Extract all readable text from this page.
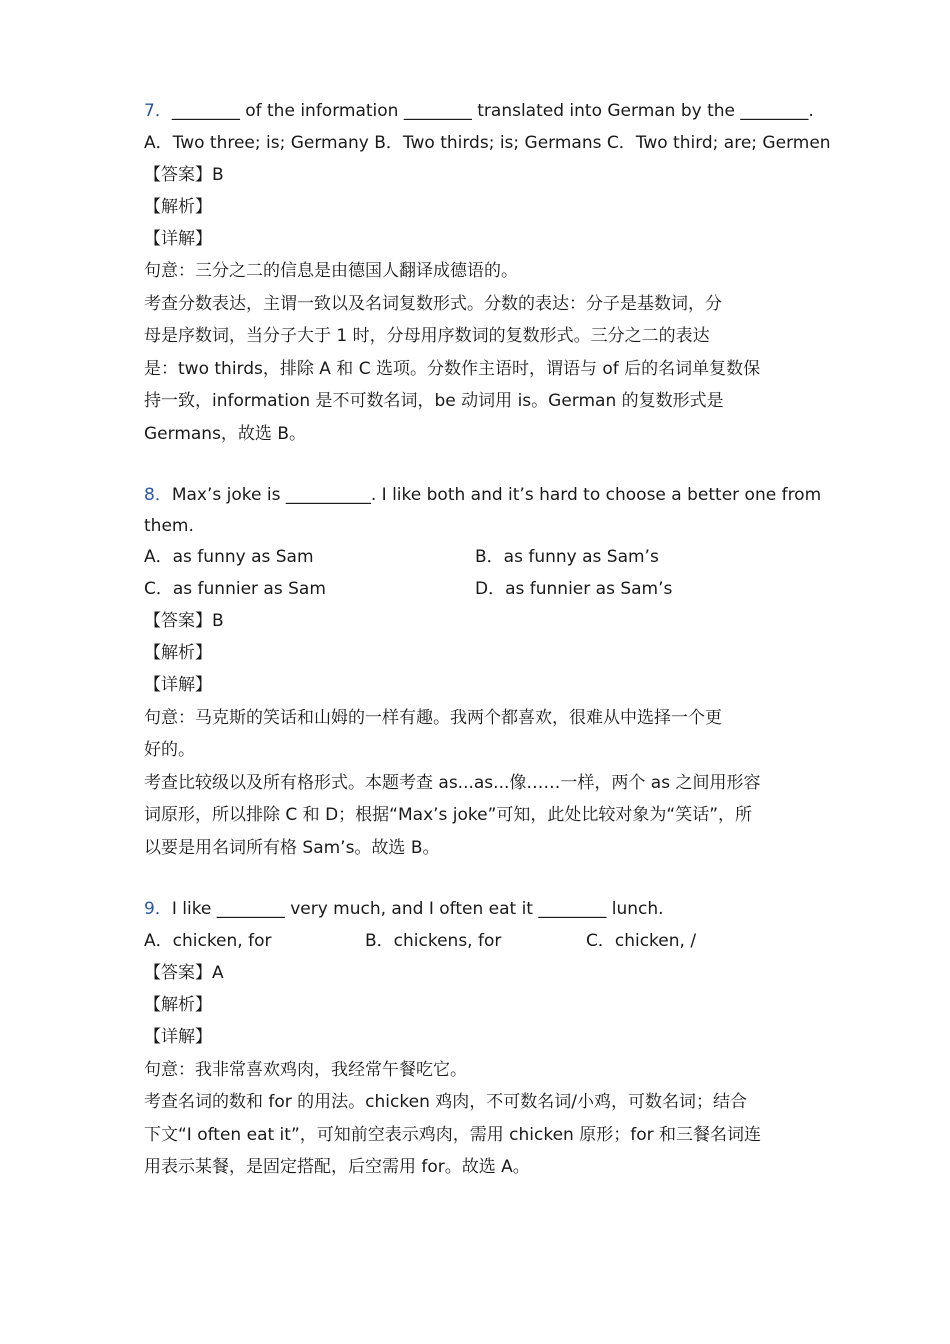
7．________ of the information ________ translated into German by the ________.
A．Two three; is; Germany B．Two thirds; is; Germans C．Two third; are; Germen
【答案】B
【解析】
【详解】
句意：三分之二的信息是由德国人翻译成德语的。
考查分数表达，主谓一致以及名词复数形式。分数的表达：分子是基数词，分
母是序数词，当分子大于 1 时，分母用序数词的复数形式。三分之二的表达
是：two thirds，排除 A 和 C 选项。分数作主语时，谓语与 of 后的名词单复数保
持一致，information 是不可数名词，be 动词用 is。German 的复数形式是
Germans，故选 B。
8．Max’s joke is __________. I like both and it’s hard to choose a better one from
them.
A．as funny as Sam	B．as funny as Sam’s
C．as funnier as Sam	D．as funnier as Sam’s
【答案】B
【解析】
【详解】
句意：马克斯的笑话和山姆的一样有趣。我两个都喜欢，很难从中选择一个更
好的。
考查比较级以及所有格形式。本题考查 as...as...像……一样，两个 as 之间用形容
词原形，所以排除 C 和 D；根据“Max’s joke”可知，此处比较对象为“笑话”，所
以要是用名词所有格 Sam’s。故选 B。
9．I like ________ very much, and I often eat it ________ lunch.
A．chicken, for	B．chickens, for	C．chicken, /
【答案】A
【解析】
【详解】
句意：我非常喜欢鸡肉，我经常午餐吃它。
考查名词的数和 for 的用法。chicken 鸡肉，不可数名词/小鸡，可数名词；结合
下文“I often eat it”，可知前空表示鸡肉，需用 chicken 原形；for 和三餐名词连
用表示某餐，是固定搭配，后空需用 for。故选 A。
